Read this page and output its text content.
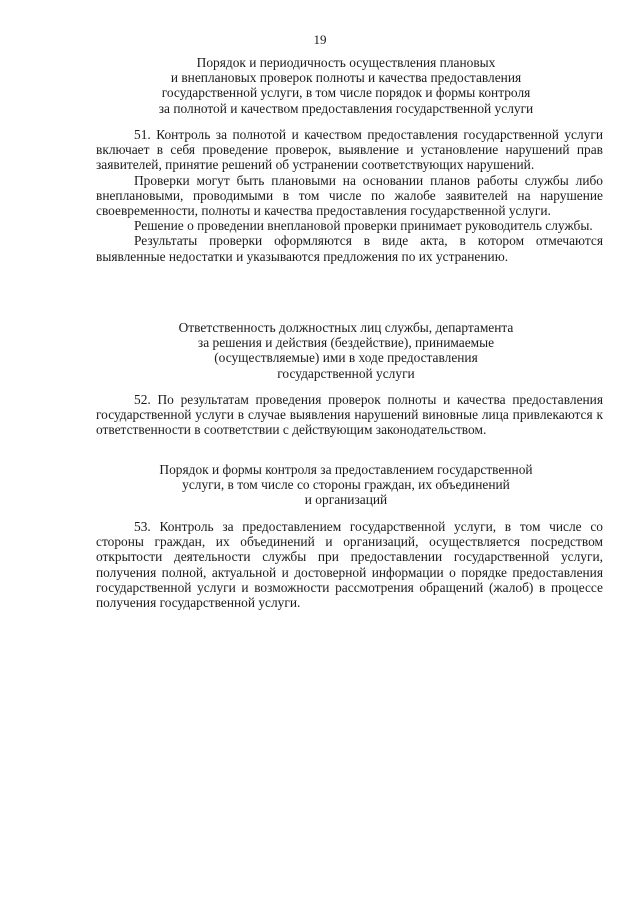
19
Порядок и периодичность осуществления плановых
и внеплановых проверок полноты и качества предоставления
государственной услуги, в том числе порядок и формы контроля
за полнотой и качеством предоставления государственной услуги

51. Контроль за полнотой и качеством предоставления государственной услуги включает в себя проведение проверок, выявление и установление нарушений прав заявителей, принятие решений об устранении соответствующих нарушений.

Проверки могут быть плановыми на основании планов работы службы либо внеплановыми, проводимыми в том числе по жалобе заявителей на нарушение своевременности, полноты и качества предоставления государственной услуги.

Решение о проведении внеплановой проверки принимает руководитель службы.

Результаты проверки оформляются в виде акта, в котором отмечаются выявленные недостатки и указываются предложения по их устранению.

Ответственность должностных лиц службы, департамента
за решения и действия (бездействие), принимаемые
(осуществляемые) ими в ходе предоставления
государственной услуги

52. По результатам проведения проверок полноты и качества предоставления государственной услуги в случае выявления нарушений виновные лица привлекаются к ответственности в соответствии с действующим законодательством.

Порядок и формы контроля за предоставлением государственной
услуги, в том числе со стороны граждан, их объединений
и организаций

53. Контроль за предоставлением государственной услуги, в том числе со стороны граждан, их объединений и организаций, осуществляется посредством открытости деятельности службы при предоставлении государственной услуги, получения полной, актуальной и достоверной информации о порядке предоставления государственной услуги и возможности рассмотрения обращений (жалоб) в процессе получения государственной услуги.
